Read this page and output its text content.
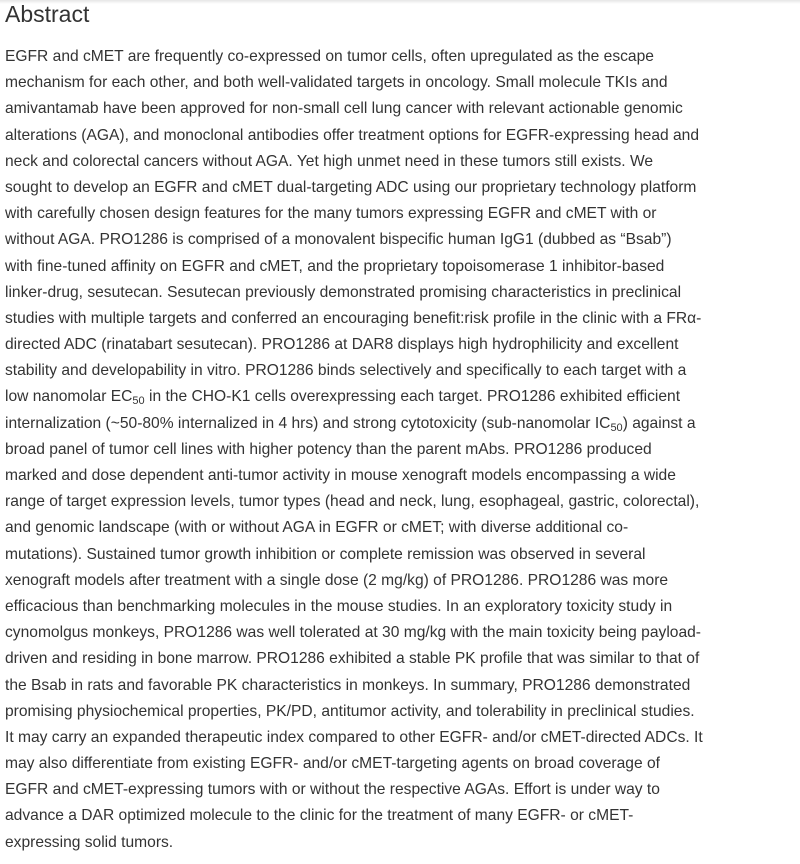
Abstract
EGFR and cMET are frequently co-expressed on tumor cells, often upregulated as the escape
mechanism for each other, and both well-validated targets in oncology. Small molecule TKIs and
amivantamab have been approved for non-small cell lung cancer with relevant actionable genomic
alterations (AGA), and monoclonal antibodies offer treatment options for EGFR-expressing head and
neck and colorectal cancers without AGA. Yet high unmet need in these tumors still exists. We
sought to develop an EGFR and cMET dual-targeting ADC using our proprietary technology platform
with carefully chosen design features for the many tumors expressing EGFR and cMET with or
without AGA. PRO1286 is comprised of a monovalent bispecific human IgG1 (dubbed as “Bsab”)
with fine-tuned affinity on EGFR and cMET, and the proprietary topoisomerase 1 inhibitor-based
linker-drug, sesutecan. Sesutecan previously demonstrated promising characteristics in preclinical
studies with multiple targets and conferred an encouraging benefit:risk profile in the clinic with a FRα-
directed ADC (rinatabart sesutecan). PRO1286 at DAR8 displays high hydrophilicity and excellent
stability and developability in vitro. PRO1286 binds selectively and specifically to each target with a
low nanomolar $EC_{50}$ in the CHO-K1 cells overexpressing each target. PRO1286 exhibited efficient
internalization (~50-80% internalized in 4 hrs) and strong cytotoxicity (sub-nanomolar $IC_{50}$) against a
broad panel of tumor cell lines with higher potency than the parent mAbs. PRO1286 produced
marked and dose dependent anti-tumor activity in mouse xenograft models encompassing a wide
range of target expression levels, tumor types (head and neck, lung, esophageal, gastric, colorectal),
and genomic landscape (with or without AGA in EGFR or cMET; with diverse additional co-
mutations). Sustained tumor growth inhibition or complete remission was observed in several
xenograft models after treatment with a single dose (2 mg/kg) of PRO1286. PRO1286 was more
efficacious than benchmarking molecules in the mouse studies. In an exploratory toxicity study in
cynomolgus monkeys, PRO1286 was well tolerated at 30 mg/kg with the main toxicity being payload-
driven and residing in bone marrow. PRO1286 exhibited a stable PK profile that was similar to that of
the Bsab in rats and favorable PK characteristics in monkeys. In summary, PRO1286 demonstrated
promising physiochemical properties, PK/PD, antitumor activity, and tolerability in preclinical studies.
It may carry an expanded therapeutic index compared to other EGFR- and/or cMET-directed ADCs. It
may also differentiate from existing EGFR- and/or cMET-targeting agents on broad coverage of
EGFR and cMET-expressing tumors with or without the respective AGAs. Effort is under way to
advance a DAR optimized molecule to the clinic for the treatment of many EGFR- or cMET-
expressing solid tumors.
